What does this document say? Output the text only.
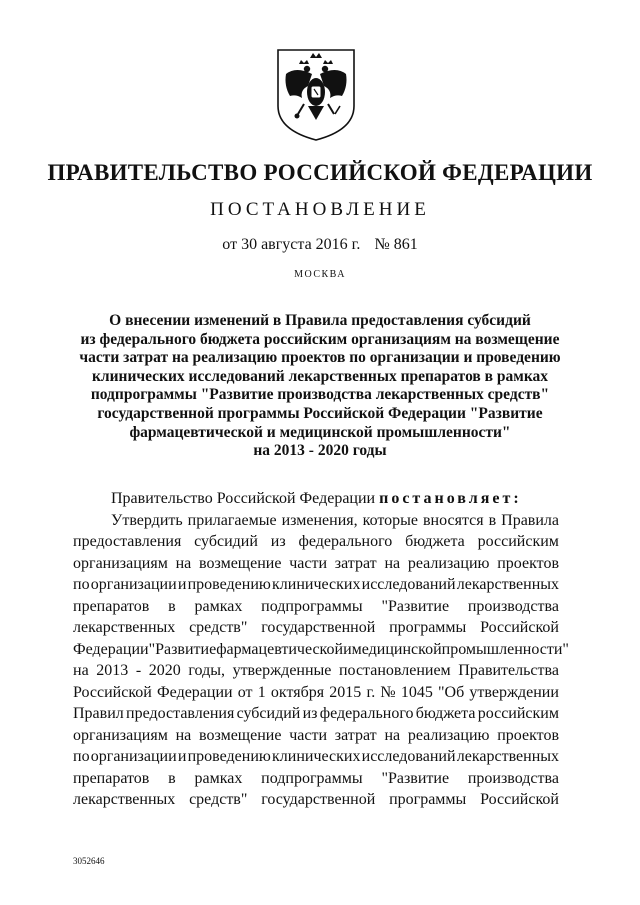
ПРАВИТЕЛЬСТВО РОССИЙСКОЙ ФЕДЕРАЦИИ
ПОСТАНОВЛЕНИЕ
от 30 августа 2016 г. № 861
МОСКВА
О внесении изменений в Правила предоставления субсидий
из федерального бюджета российским организациям на возмещение
части затрат на реализацию проектов по организации и проведению
клинических исследований лекарственных препаратов в рамках
подпрограммы "Развитие производства лекарственных средств"
государственной программы Российской Федерации "Развитие
фармацевтической и медицинской промышленности"
на 2013 - 2020 годы

Правительство Российской Федерации постановляет:

Утвердить прилагаемые изменения, которые вносятся в Правила
предоставления субсидий из федерального бюджета российским
организациям на возмещение части затрат на реализацию проектов
по организации и проведению клинических исследований лекарственных
препаратов в рамках подпрограммы "Развитие производства
лекарственных средств" государственной программы Российской
Федерации "Развитие фармацевтической и медицинской промышленности"
на 2013 - 2020 годы, утвержденные постановлением Правительства
Российской Федерации от 1 октября 2015 г. № 1045 "Об утверждении
Правил предоставления субсидий из федерального бюджета российским
организациям на возмещение части затрат на реализацию проектов
по организации и проведению клинических исследований лекарственных
препаратов в рамках подпрограммы "Развитие производства
лекарственных средств" государственной программы Российской
3052646
